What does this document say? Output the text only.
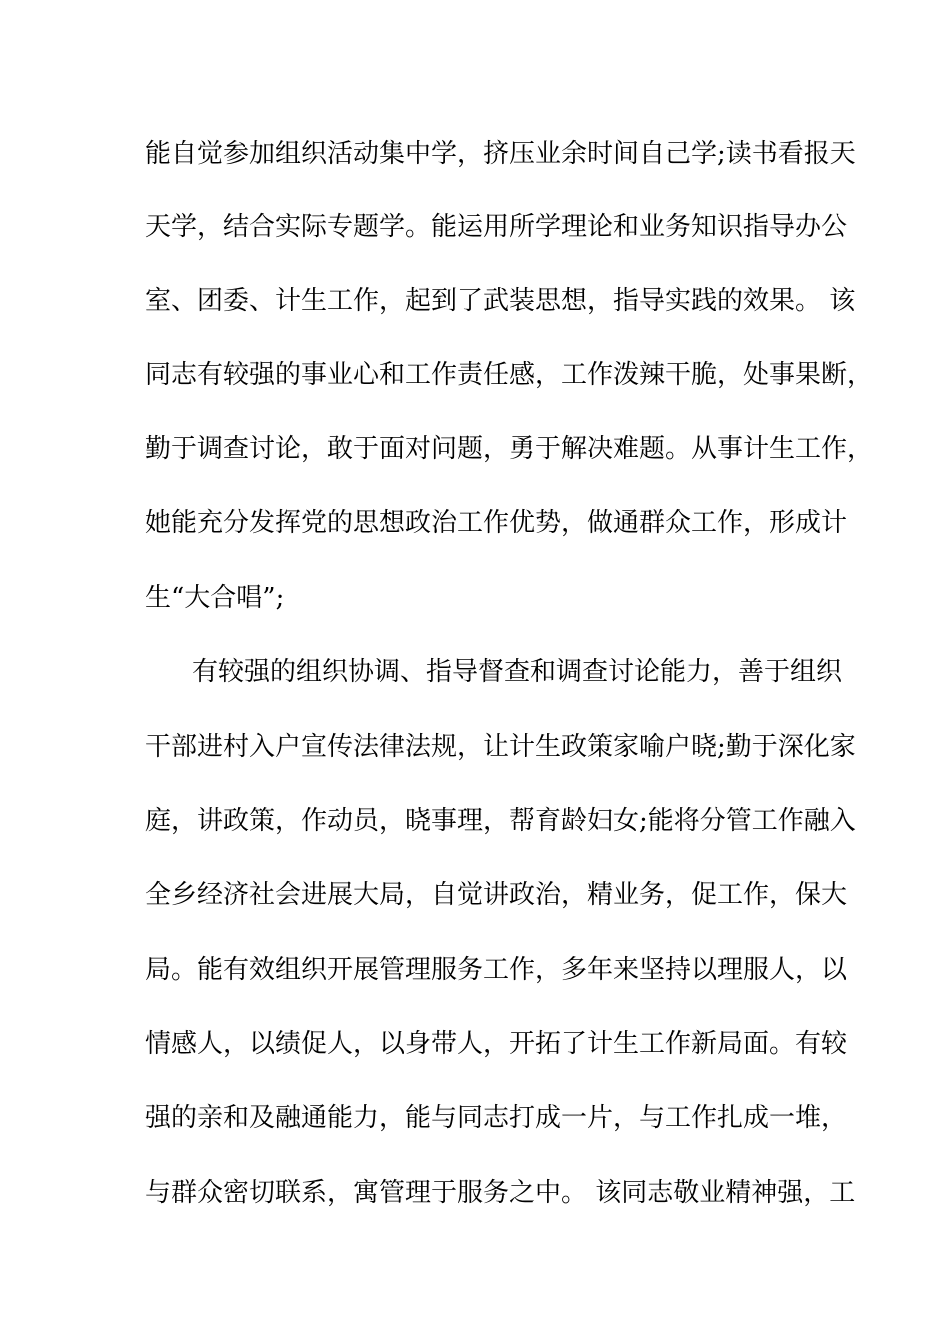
能自觉参加组织活动集中学，挤压业余时间自己学;读书看报天
天学，结合实际专题学。能运用所学理论和业务知识指导办公
室、团委、计生工作，起到了武装思想，指导实践的效果。 该
同志有较强的事业心和工作责任感，工作泼辣干脆，处事果断，
勤于调查讨论，敢于面对问题，勇于解决难题。从事计生工作，
她能充分发挥党的思想政治工作优势，做通群众工作，形成计
生“大合唱”;
有较强的组织协调、指导督查和调查讨论能力，善于组织
干部进村入户宣传法律法规，让计生政策家喻户晓;勤于深化家
庭，讲政策，作动员，晓事理，帮育龄妇女;能将分管工作融入
全乡经济社会进展大局，自觉讲政治，精业务，促工作，保大
局。能有效组织开展管理服务工作，多年来坚持以理服人，以
情感人，以绩促人，以身带人，开拓了计生工作新局面。有较
强的亲和及融通能力，能与同志打成一片，与工作扎成一堆，
与群众密切联系，寓管理于服务之中。 该同志敬业精神强，工
